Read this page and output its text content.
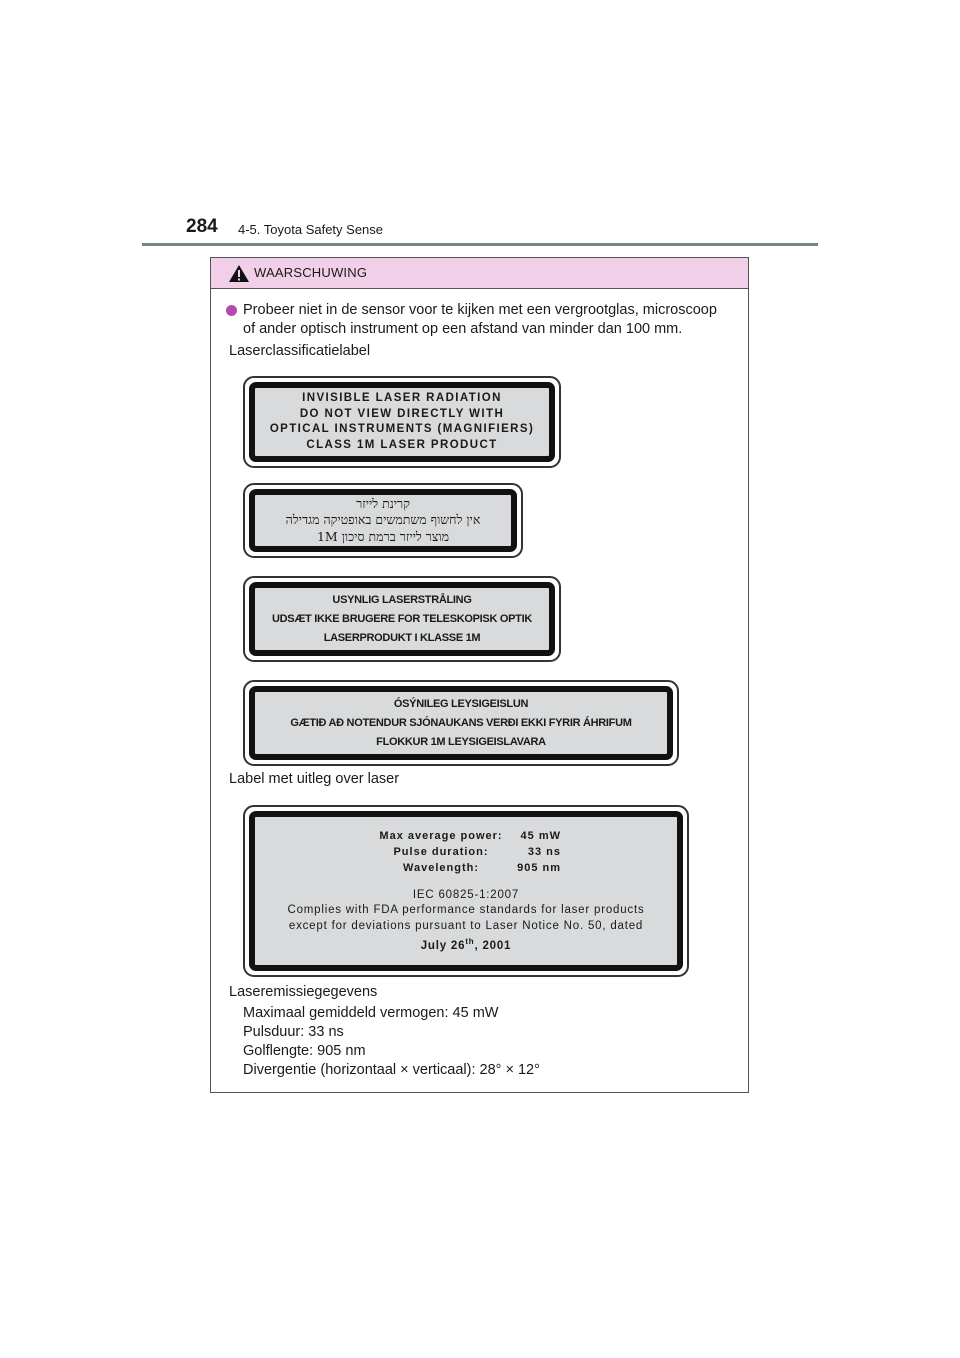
284 4-5. Toyota Safety Sense
WAARSCHUWING
Probeer niet in de sensor voor te kijken met een vergrootglas, microscoop
of ander optisch instrument op een afstand van minder dan 100 mm.
Laserclassificatielabel
INVISIBLE LASER RADIATION
DO NOT VIEW DIRECTLY WITH
OPTICAL INSTRUMENTS (MAGNIFIERS)
CLASS 1M LASER PRODUCT
קרינת לייזר
אין לחשוף משתמשים באופטיקה מגדילה
מוצר לייזר ברמת סיכון 1M
USYNLIG LASERSTRÅLING
UDSÆT IKKE BRUGERE FOR TELESKOPISK OPTIK
LASERPRODUKT I KLASSE 1M
ÓSÝNILEG LEYSIGEISLUN
GÆTIÐ AÐ NOTENDUR SJÓNAUKANS VERÐI EKKI FYRIR ÁHRIFUM
FLOKKUR 1M LEYSIGEISLAVARA
Label met uitleg over laser
Max average power:	45 mW
Pulse duration:	33 ns
Wavelength:	905 nm
IEC 60825-1:2007
Complies with FDA performance standards for laser products
except for deviations pursuant to Laser Notice No. 50, dated
July 26th, 2001
Laseremissiegegevens
Maximaal gemiddeld vermogen: 45 mW
Pulsduur: 33 ns
Golflengte: 905 nm
Divergentie (horizontaal × verticaal): 28° × 12°
